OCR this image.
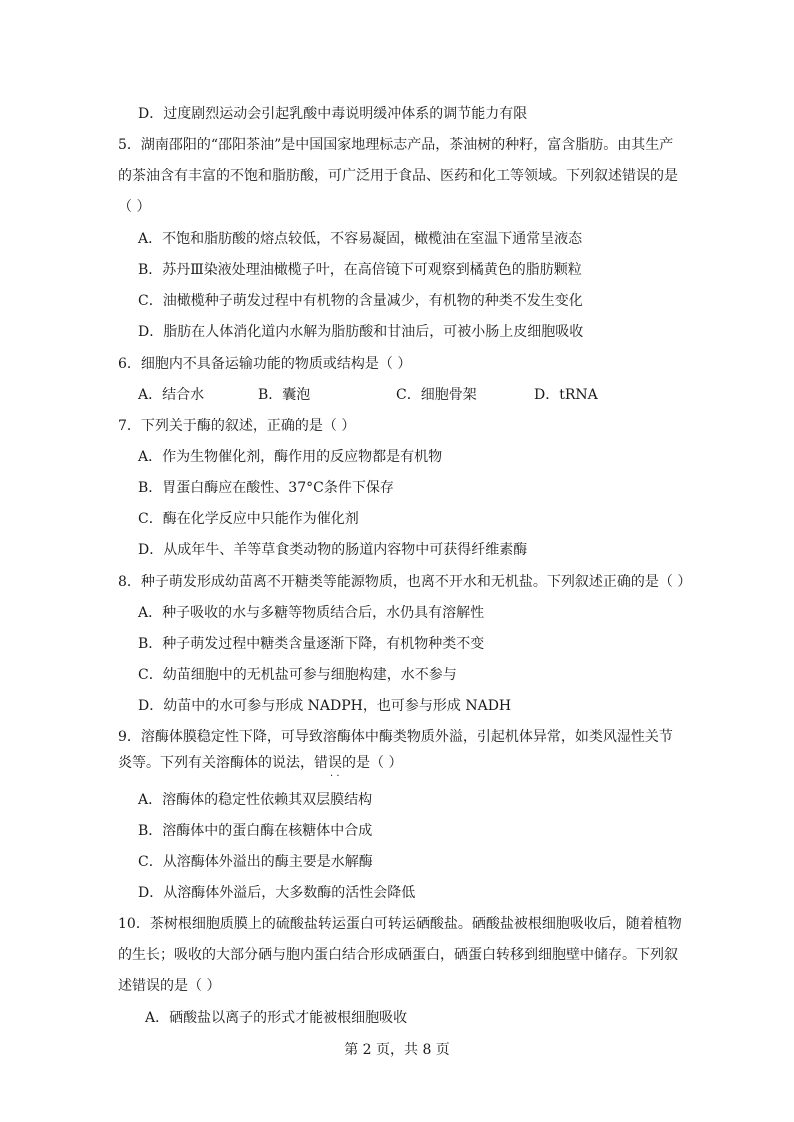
D．过度剧烈运动会引起乳酸中毒说明缓冲体系的调节能力有限

5．湖南邵阳的“邵阳茶油”是中国国家地理标志产品，茶油树的种籽，富含脂肪。由其生产

的茶油含有丰富的不饱和脂肪酸，可广泛用于食品、医药和化工等领域。下列叙述错误的是

（ ）

A．不饱和脂肪酸的熔点较低，不容易凝固，橄榄油在室温下通常呈液态

B．苏丹Ⅲ染液处理油橄榄子叶，在高倍镜下可观察到橘黄色的脂肪颗粒

C．油橄榄种子萌发过程中有机物的含量减少，有机物的种类不发生变化

D．脂肪在人体消化道内水解为脂肪酸和甘油后，可被小肠上皮细胞吸收

6．细胞内不具备运输功能的物质或结构是（ ）

A．结合水	B．囊泡	C．细胞骨架	D．tRNA

7．下列关于酶的叙述，正确的是（ ）

A．作为生物催化剂，酶作用的反应物都是有机物

B．胃蛋白酶应在酸性、37°C条件下保存

C．酶在化学反应中只能作为催化剂

D．从成年牛、羊等草食类动物的肠道内容物中可获得纤维素酶

8．种子萌发形成幼苗离不开糖类等能源物质，也离不开水和无机盐。下列叙述正确的是（ ）

A．种子吸收的水与多糖等物质结合后，水仍具有溶解性

B．种子萌发过程中糖类含量逐渐下降，有机物种类不变

C．幼苗细胞中的无机盐可参与细胞构建，水不参与

D．幼苗中的水可参与形成 NADPH，也可参与形成 NADH

9．溶酶体膜稳定性下降，可导致溶酶体中酶类物质外溢，引起机体异常，如类风湿性关节

炎等。下列有关溶酶体的说法，错误的是（ ）

· ·

A．溶酶体的稳定性依赖其双层膜结构

B．溶酶体中的蛋白酶在核糖体中合成

C．从溶酶体外溢出的酶主要是水解酶

D．从溶酶体外溢后，大多数酶的活性会降低

10．茶树根细胞质膜上的硫酸盐转运蛋白可转运硒酸盐。硒酸盐被根细胞吸收后，随着植物

的生长；吸收的大部分硒与胞内蛋白结合形成硒蛋白，硒蛋白转移到细胞壁中储存。下列叙

述错误的是（ ）

A．硒酸盐以离子的形式才能被根细胞吸收

第 2 页，共 8 页
